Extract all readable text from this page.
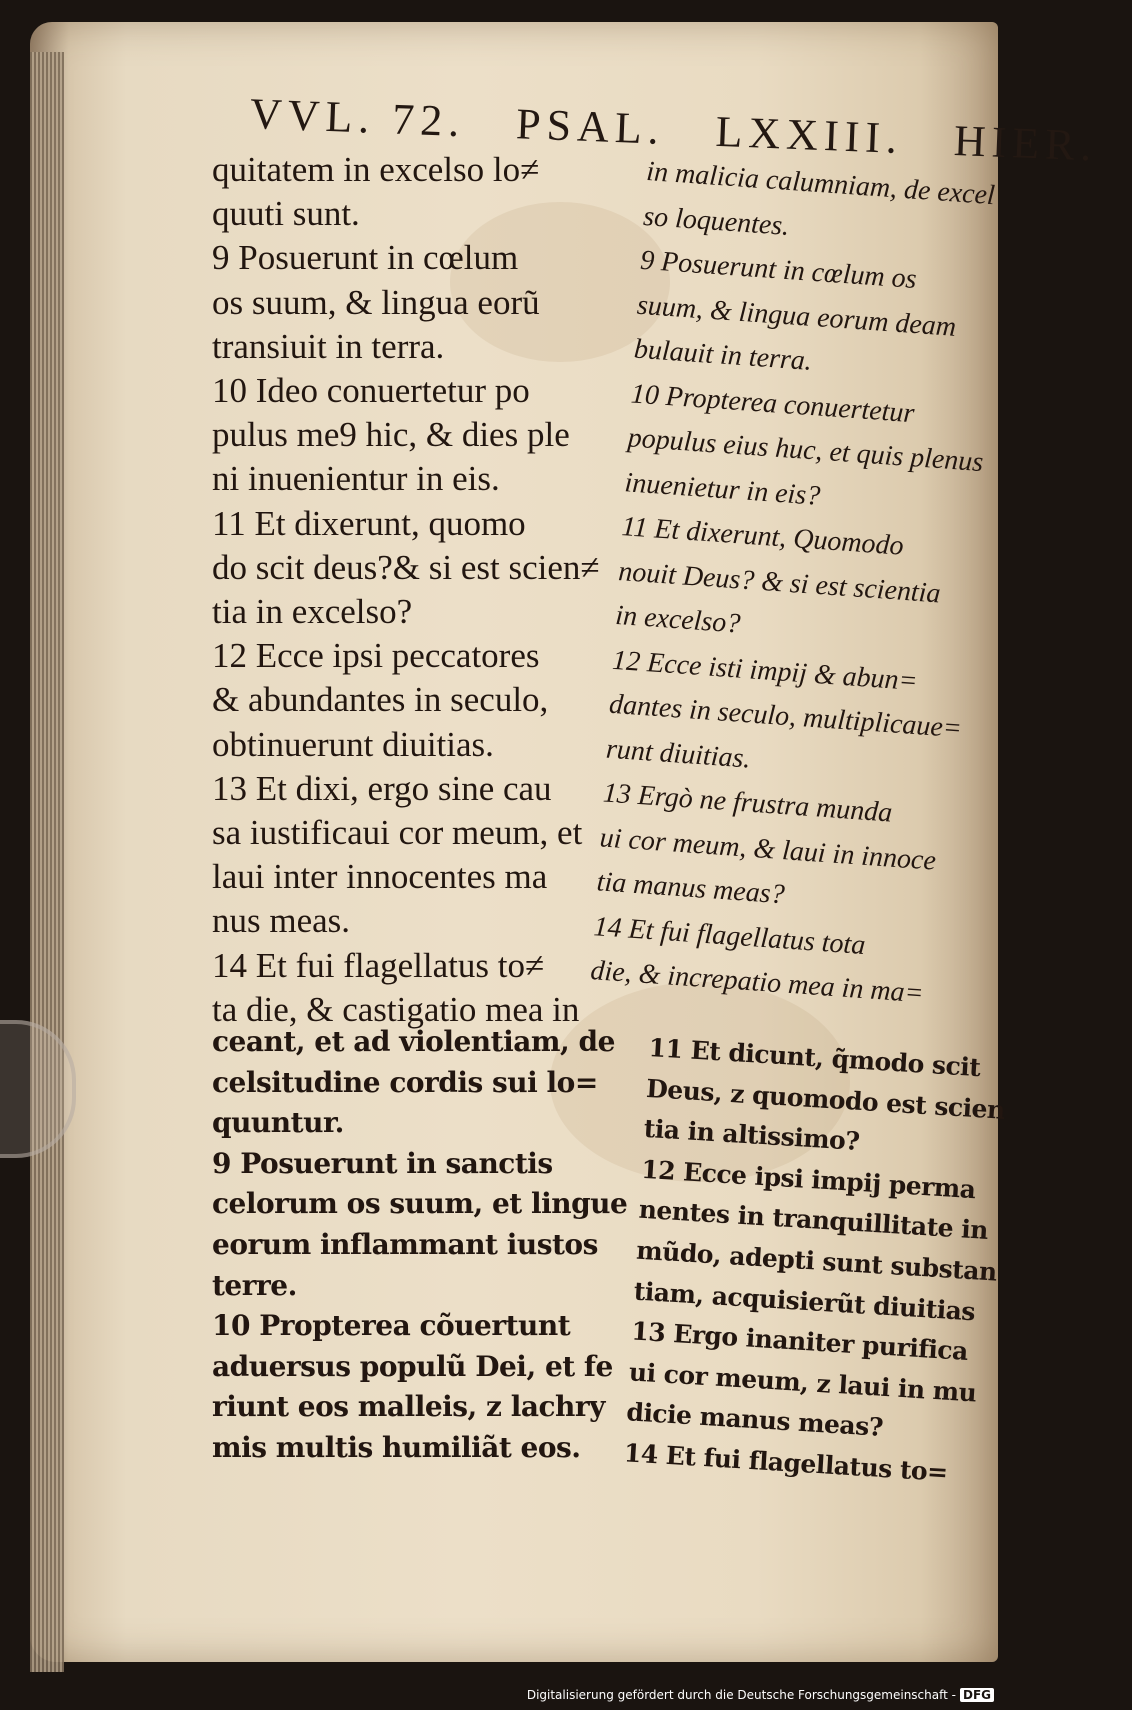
VVL. 72. PSAL. LXXIII. HIER.
quitatem in excelso lo≠
quuti sunt.
9 Posuerunt in cœlum
os suum, & lingua eorũ
transiuit in terra.
10 Ideo conuertetur po
pulus me9 hic, & dies ple
ni inuenientur in eis.
11 Et dixerunt, quomo
do scit deus?& si est scien≠
tia in excelso?
12 Ecce ipsi peccatores
& abundantes in seculo,
obtinuerunt diuitias.
13 Et dixi, ergo sine cau
sa iustificaui cor meum, et
laui inter innocentes ma
nus meas.
14 Et fui flagellatus to≠
ta die, & castigatio mea in
in malicia calumniam, de excel
so loquentes.
9 Posuerunt in cœlum os
suum, & lingua eorum deam
bulauit in terra.
10 Propterea conuertetur
populus eius huc, et quis plenus
inuenietur in eis?
11 Et dixerunt, Quomodo
nouit Deus? & si est scientia
in excelso?
12 Ecce isti impij & abun=
dantes in seculo, multiplicaue=
runt diuitias.
13 Ergò ne frustra munda
ui cor meum, & laui in innoce
tia manus meas?
14 Et fui flagellatus tota
die, & increpatio mea in ma=
ceant, et ad violentiam, de
celsitudine cordis sui lo=
quuntur.
9 Posuerunt in sanctis
celorum os suum, et lingue
eorum inflammant iustos
terre.
10 Propterea cõuertunt
aduersus populũ Dei, et fe
riunt eos malleis, z lachry
mis multis humiliãt eos.
11 Et dicunt, q̃modo scit
Deus, z quomodo est scien
tia in altissimo?
12 Ecce ipsi impij perma
nentes in tranquillitate in
mũdo, adepti sunt substan
tiam, acquisierũt diuitias
13 Ergo inaniter purifica
ui cor meum, z laui in mu
dicie manus meas?
14 Et fui flagellatus to=
Digitalisierung gefördert durch die Deutsche Forschungsgemeinschaft - DFG
